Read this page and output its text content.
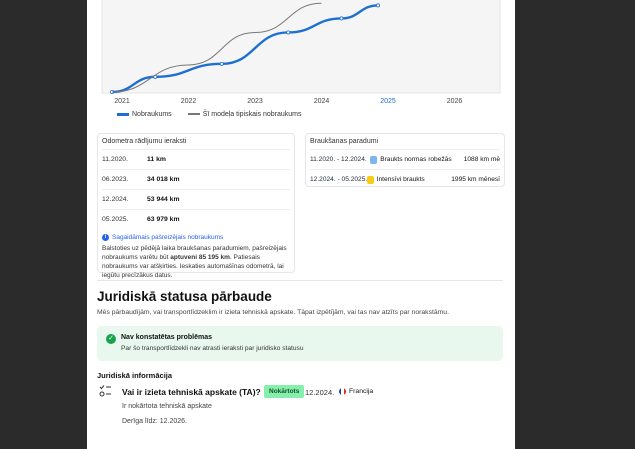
2021	2022	2023	2024	2025	2026
Nobraukums	Šī modeļa tipiskais nobraukums
Odometra rādījumu ieraksti
11.2020.	11 km
06.2023.	34 018 km
12.2024.	53 944 km
05.2025.	63 979 km
i Sagaidāmais pašreizējais nobraukums
Balstoties uz pēdējā laika braukšanas paradumiem, pašreizējais nobraukums varētu būt aptuveni 85 195 km. Patiesais nobraukums var atšķirties. Ieskaties automašīnas odometrā, lai iegūtu precīzākus datus.
Braukšanas paradumi
11.2020. - 12.2024.	Braukts normas robežās	1088 km mē
12.2024. - 05.2025. Intensīvi braukts	1995 km mēnesī
Juridiskā statusa pārbaude
Mēs pārbaudījām, vai transportlīdzeklim ir izieta tehniskā apskate. Tāpat izpētījām, vai tas nav atzīts par norakstāmu.
✓ Nav konstatētas problēmas
Par šo transportlīdzekli nav atrasti ieraksti par juridisko statusu
Juridiskā informācija
Vai ir izieta tehniskā apskate (TA)?	Nokārtots 12.2024. Francija
Ir nokārtota tehniskā apskate
Derīga līdz: 12.2026.
